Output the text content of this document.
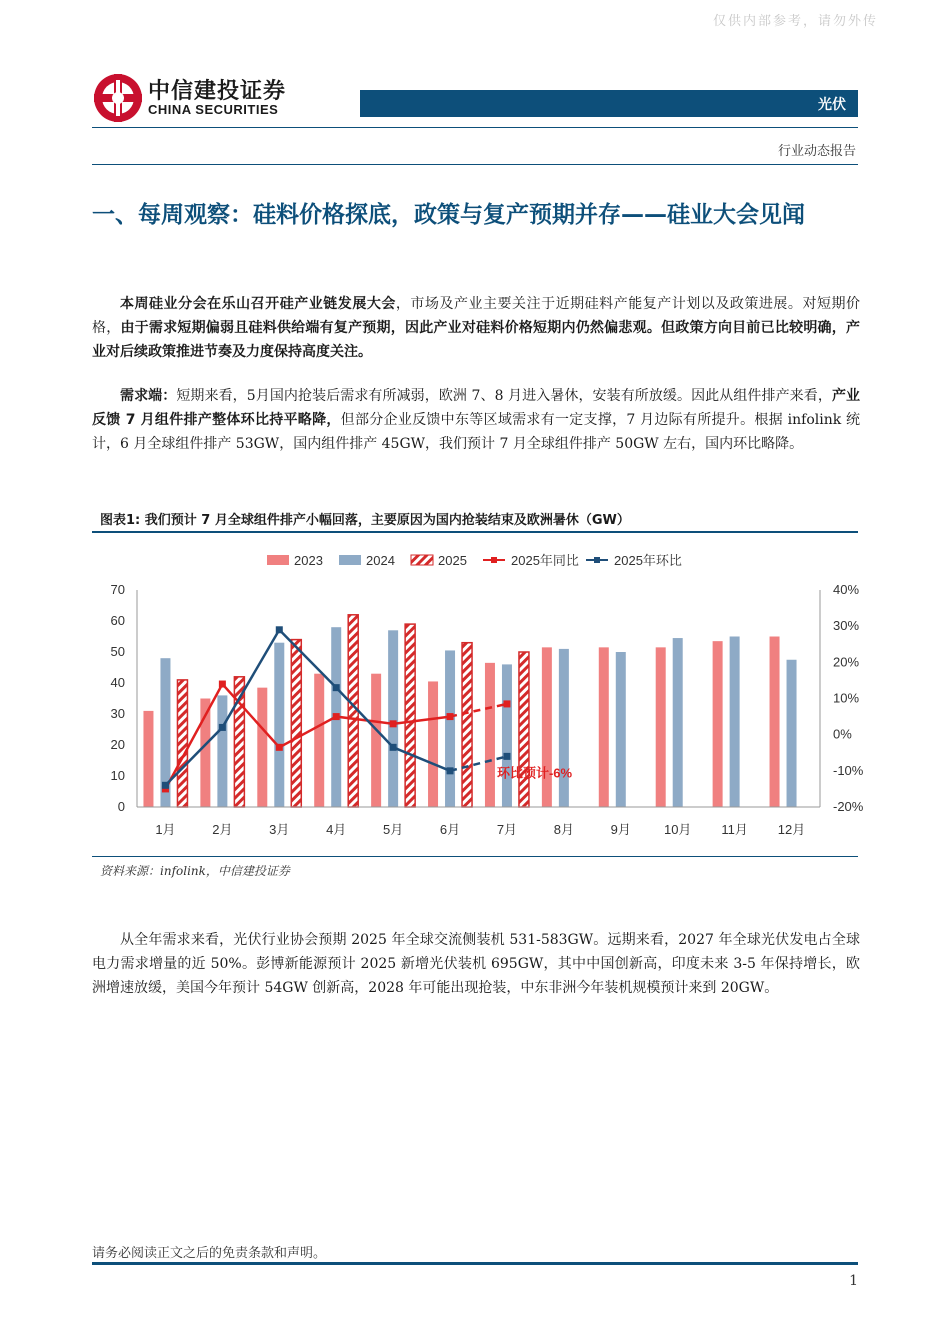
仅供内部参考，请勿外传
中信建投证券
CHINA SECURITIES	光伏
行业动态报告
一、每周观察：硅料价格探底，政策与复产预期并存——硅业大会见闻
本周硅业分会在乐山召开硅产业链发展大会，市场及产业主要关注于近期硅料产能复产计划以及政策进展。对短期价格，由于需求短期偏弱且硅料供给端有复产预期，因此产业对硅料价格短期内仍然偏悲观。但政策方向目前已比较明确，产业对后续政策推进节奏及力度保持高度关注。
需求端：短期来看，5月国内抢装后需求有所减弱，欧洲 7、8 月进入暑休，安装有所放缓。因此从组件排产来看，产业反馈 7 月组件排产整体环比持平略降，但部分企业反馈中东等区域需求有一定支撑，7 月边际有所提升。根据 infolink 统计，6 月全球组件排产 53GW，国内组件排产 45GW，我们预计 7 月全球组件排产 50GW 左右，国内环比略降。
图表1: 我们预计 7 月全球组件排产小幅回落，主要原因为国内抢装结束及欧洲暑休（GW）
2023	2024	2025	2025年同比	2025年环比
环比预计-6%
0
10
20
30
40
50
60
70
-20%
-10%
0%
10%
20%
30%
40%
1月	2月	3月	4月	5月	6月	7月	8月	9月	10月 11月 12月
资料来源：infolink，中信建投证券
从全年需求来看，光伏行业协会预期 2025 年全球交流侧装机 531-583GW。远期来看，2027 年全球光伏发电占全球电力需求增量的近 50%。彭博新能源预计 2025 新增光伏装机 695GW，其中中国创新高，印度未来 3-5 年保持增长，欧洲增速放缓，美国今年预计 54GW 创新高，2028 年可能出现抢装，中东非洲今年装机规模预计来到 20GW。
请务必阅读正文之后的免责条款和声明。
1
